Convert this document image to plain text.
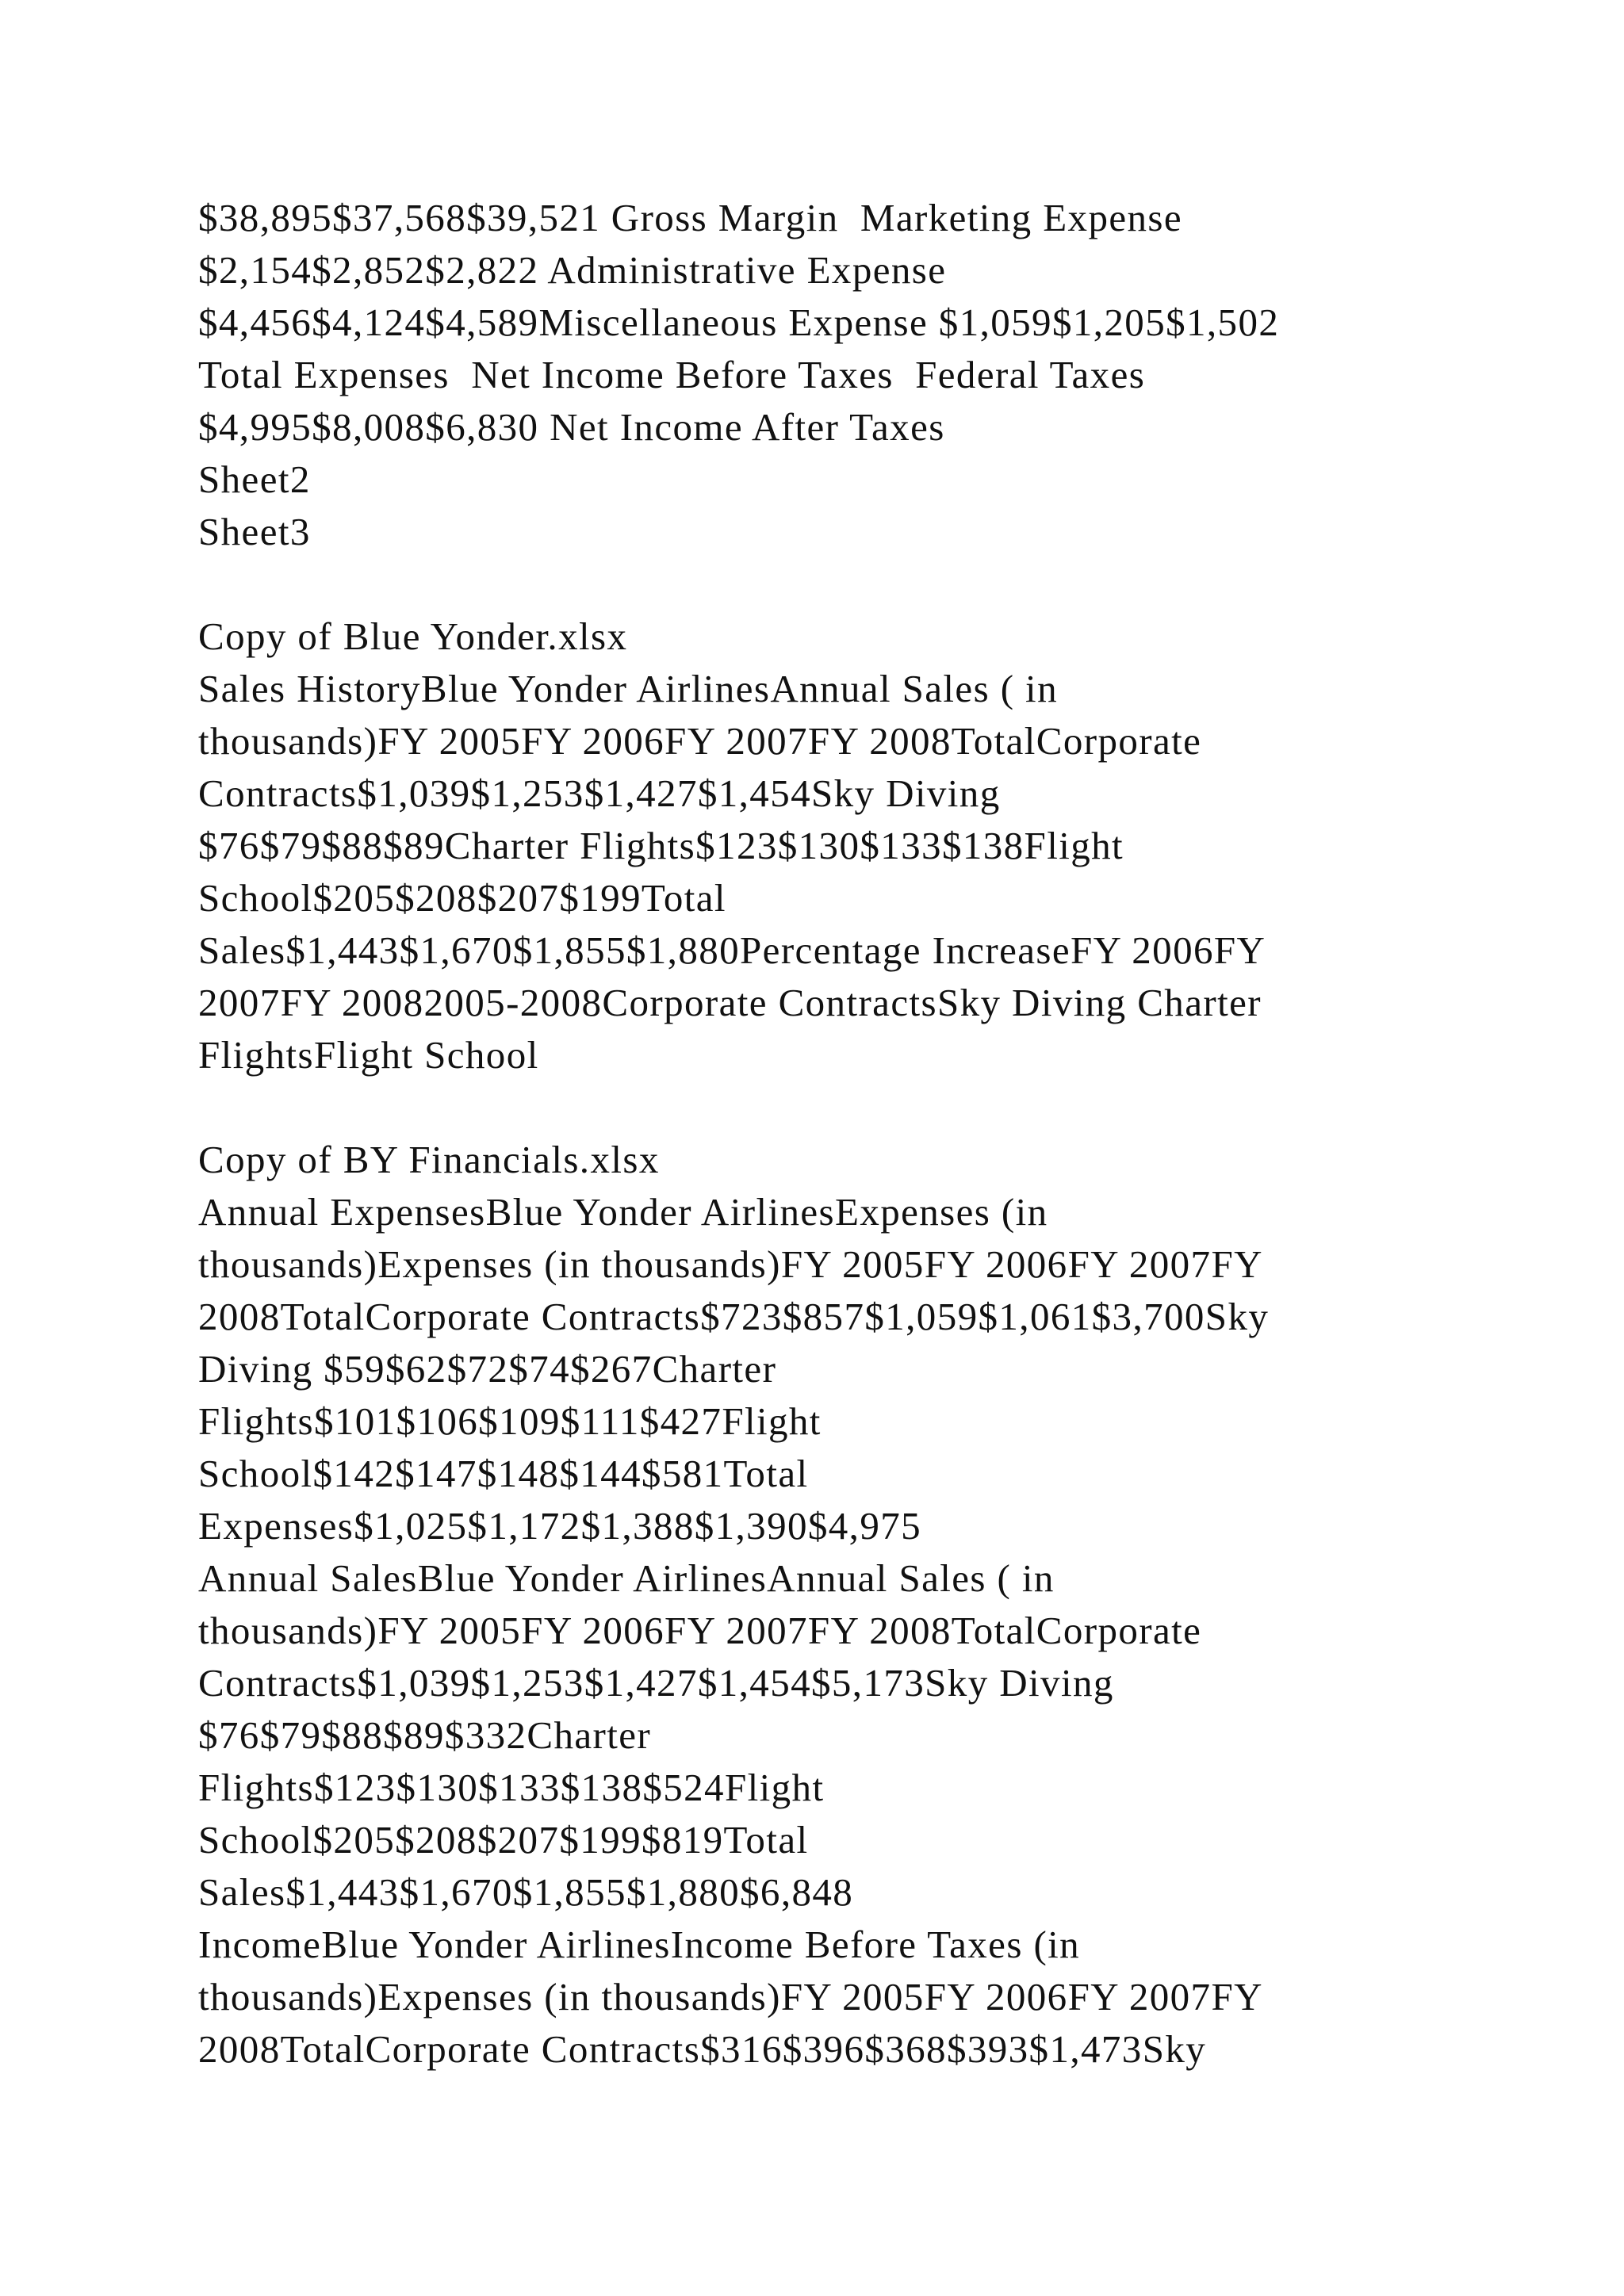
$38,895$37,568$39,521 Gross Margin  Marketing Expense
$2,154$2,852$2,822 Administrative Expense
$4,456$4,124$4,589Miscellaneous Expense $1,059$1,205$1,502
Total Expenses  Net Income Before Taxes  Federal Taxes
$4,995$8,008$6,830 Net Income After Taxes
Sheet2
Sheet3
Copy of Blue Yonder.xlsx
Sales HistoryBlue Yonder AirlinesAnnual Sales ( in
thousands)FY 2005FY 2006FY 2007FY 2008TotalCorporate
Contracts$1,039$1,253$1,427$1,454Sky Diving
$76$79$88$89Charter Flights$123$130$133$138Flight
School$205$208$207$199Total
Sales$1,443$1,670$1,855$1,880Percentage IncreaseFY 2006FY
2007FY 20082005-2008Corporate ContractsSky Diving Charter
FlightsFlight School
Copy of BY Financials.xlsx
Annual ExpensesBlue Yonder AirlinesExpenses (in
thousands)Expenses (in thousands)FY 2005FY 2006FY 2007FY
2008TotalCorporate Contracts$723$857$1,059$1,061$3,700Sky
Diving $59$62$72$74$267Charter
Flights$101$106$109$111$427Flight
School$142$147$148$144$581Total
Expenses$1,025$1,172$1,388$1,390$4,975
Annual SalesBlue Yonder AirlinesAnnual Sales ( in
thousands)FY 2005FY 2006FY 2007FY 2008TotalCorporate
Contracts$1,039$1,253$1,427$1,454$5,173Sky Diving
$76$79$88$89$332Charter
Flights$123$130$133$138$524Flight
School$205$208$207$199$819Total
Sales$1,443$1,670$1,855$1,880$6,848
IncomeBlue Yonder AirlinesIncome Before Taxes (in
thousands)Expenses (in thousands)FY 2005FY 2006FY 2007FY
2008TotalCorporate Contracts$316$396$368$393$1,473Sky
